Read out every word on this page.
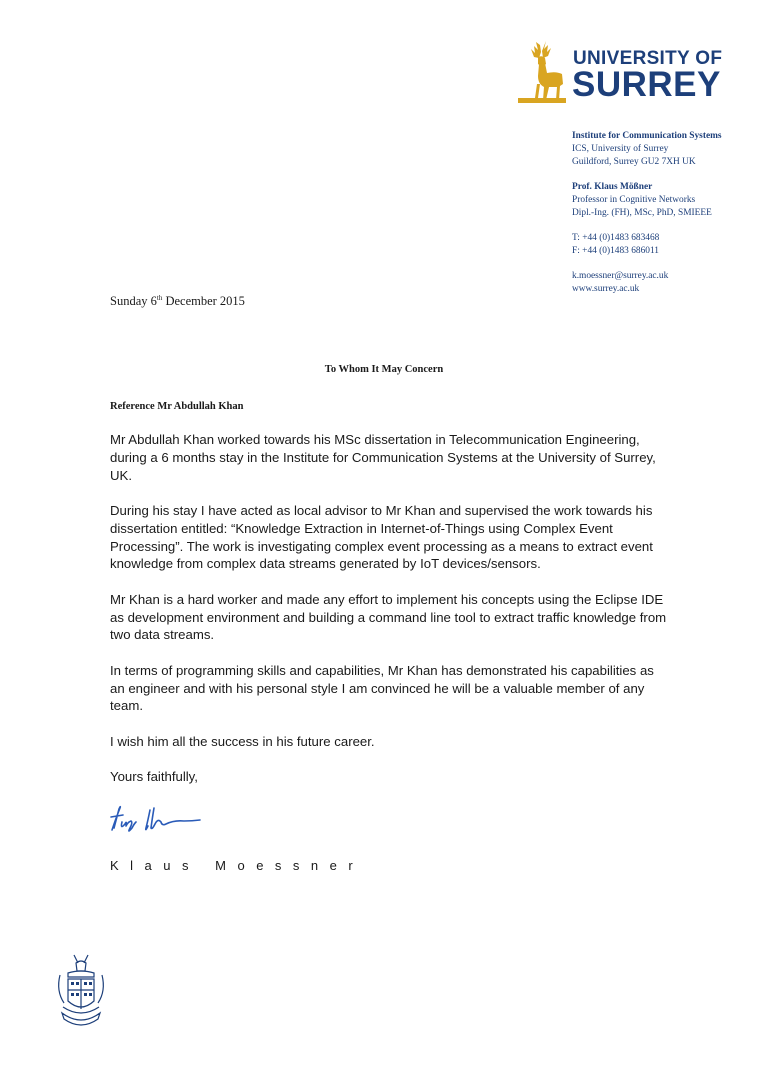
UNIVERSITY OF
SURREY
Institute for Communication Systems
ICS, University of Surrey
Guildford, Surrey GU2 7XH UK
Prof. Klaus Mößner
Professor in Cognitive Networks
Dipl.-Ing. (FH), MSc, PhD, SMIEEE
T: +44 (0)1483 683468
F: +44 (0)1483 686011
k.moessner@surrey.ac.uk
www.surrey.ac.uk
Sunday 6th December 2015
To Whom It May Concern
Reference Mr Abdullah Khan

Mr Abdullah Khan worked towards his MSc dissertation in Telecommunication Engineering, during a 6 months stay in the Institute for Communication Systems at the University of Surrey, UK.

During his stay I have acted as local advisor to Mr Khan and supervised the work towards his dissertation entitled: “Knowledge Extraction in Internet-of-Things using Complex Event Processing”. The work is investigating complex event processing as a means to extract event knowledge from complex data streams generated by IoT devices/sensors.

Mr Khan is a hard worker and made any effort to implement his concepts using the Eclipse IDE as development environment and building a command line tool to extract traffic knowledge from two data streams.

In terms of programming skills and capabilities, Mr Khan has demonstrated his capabilities as an engineer and with his personal style I am convinced he will be a valuable member of any team.

I wish him all the success in his future career.

Yours faithfully,

Klaus Moessner
